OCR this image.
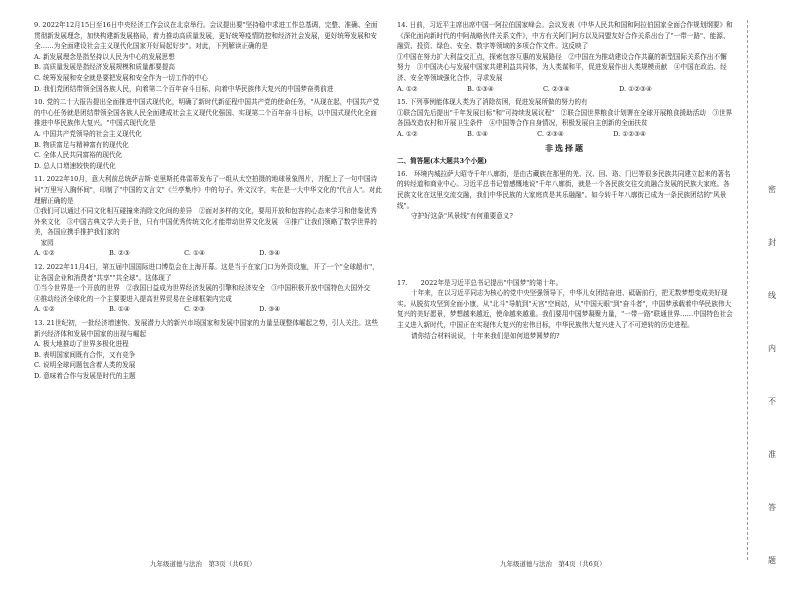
9. 2022年12月15日至16日中央经济工作会议在北京举行。会议提出要"坚持稳中求进工作总基调，完整、准确、全面贯彻新发展理念，加快构建新发展格局，着力推动高质量发展，更好统筹疫情防控和经济社会发展，更好统筹发展和安全……为全面建设社会主义现代化国家开好局起好步"。对此，下列解读正确的是

A. 新发展理念是指坚持以人民为中心的发展思想

B. 高质量发展是指经济发展规模和质量都要提高

C. 统筹发展和安全就是要把发展和安全作为一切工作的中心

D. 我们党团结带领全国各族人民，向着第二个百年奋斗目标，向着中华民族伟大复兴的中国梦奋勇前进

10. 党的二十大报告提出全面推进中国式现代化，明确了新时代新征程中国共产党的使命任务，"从现在起，中国共产党的中心任务就是团结带领全国各族人民全面建成社会主义现代化强国、实现第二个百年奋斗目标，以中国式现代化全面推进中华民族伟大复兴。"中国式现代化是

A. 中国共产党领导的社会主义现代化

B. 物质富足与精神富有的现代化

C. 全体人民共同富裕的现代化

D. 总人口增速较快的现代化

11. 2022年10月，意大利前总统萨吉斯·克里斯托弗雷蒂发布了一组从太空拍摄的地球景象图片，并配上了一句中国诗词"万里写入胸怀间"，印制了"中国的文言文"《兰亭集序》中的句子。外文汉字，实在是一大中华文化的"代言人"。对此理解正确的是

①我们可以通过不同文化相互碰撞来消除文化间的差异　②面对多样的文化，要用开放和包容的心态来学习和借鉴优秀外来文化　③中国古典文学大美于世，只有中国优秀传统文化才能带动世界文化发展　④推广让我们领略了数学世界的美，各国应携手推护我们家的

　家园

A. ①②	B. ②③	C. ①④	D. ③④

12. 2022年11月4日，第五届中国国际进口博览会在上海开幕。这是当于在家门口为外资设施，开了一个"全球超市"，让各国企业和消费者"共享""共全球"。这体现了

①当今世界是一个开放的世界　②我国日益成为世界经济发展的引擎和经济安全　③中国积极开放中国特色大国外交　④推动经济全球化的一个主要要进入提高世界贸易在全球框架内完成

A. ①②	B. ①④	C. ②③	D. ③④

13. 21世纪初，一批经济增速快、发展潜力大的新兴市场国家和发展中国家的力量呈现整体崛起之势，引人关注。这些新兴经济体和发展中国家的出现与崛起

A. 极大地推动了世界多极化进程

B. 表明国家间既有合作，又有竞争

C. 说明全球问题包含着人类的发展

D. 意味着合作与发展是时代的主题

14. 日前，习近平主席出席中国一阿拉伯国家峰会。会议发表《中华人民共和国和阿拉伯国家全面合作规划纲要》和《深化面向新时代的中阿战略伙伴关系文件》，中方有关阿门阿方以及同盟友好合作关系出台了"一带一路"、能源、融资、投资、绿色、安全、数字等领域的多项合作文件。这反映了

①中国在努力扩大利益交汇点，探索包容互惠的发展路径　②中国在为推动建设合作共赢的新型国际关系作出不懈努力　③中国决心与发展中国家共建利益共同体，为人类谋和平，促进发展作出人类规模贡献　④中国在政治、经济、安全等领域强化合作，寻求发展

A. ①②	B. ①③④	C. ②③④	D. ①②③④

15. 下列事例能体现人类为了消除贫困，促进发展所做的努力的有

①联合国先后提出"千年发展目标"和"可持续发展议程"　②联合国世界粮食计划署在全球开展粮食援助活动　③世界各国改造农村和开展卫生条件　④中国等合作自身情况，积极发展自主创新的全面扶贫

A. ①②	B. ①④	C. ②③④	D. ①②③④

非选择题
二、简答题(本大题共3个小题)

16.　环境内城拉萨大昭寺千年八廓街，是由古藏族在那里的羌、汉、回、珞、门巴等很多民族共同建立起来的著名的转经道和商业中心。习近平总书记曾感慨地说"千年八廓街，就是一个各民族交往交流融合发展的民族大家庭。各民族文化在这里交流交融，我们中华民族的大家庭真是其乐融融"。如今转千年八廓街已成为一条民族团结的"风景线"。

守护好这条"风景线"有何重要意义?

17.　　2022年是习近平总书记提出"中国梦"的第十年。

十年来，在以习近平同志为核心的党中央坚强领导下，中华儿女团结奋进、砥砺前行，把无数梦想变成美好现实。从脱贫攻坚到全面小康，从"北斗"导航到"天宫"空间站，从"中国天眼"到"奋斗者"，中国梦承载着中华民族伟大复兴的美好愿景，梦想越来越近，使命越来越重。我们要用中国梦凝聚力量，"一带一路"联通世界……中国特色社会主义进入新时代，中国正在实现伟大复兴的宏伟目标，中华民族伟大复兴进入了不可逆转的历史进程。

请你结合材料说说，十年来我们是如何追梦圆梦的?

九年级道德与法治　第3页（共6页）	九年级道德与法治　第4页（共6页）
密
封
线
内
不
准
答
题
